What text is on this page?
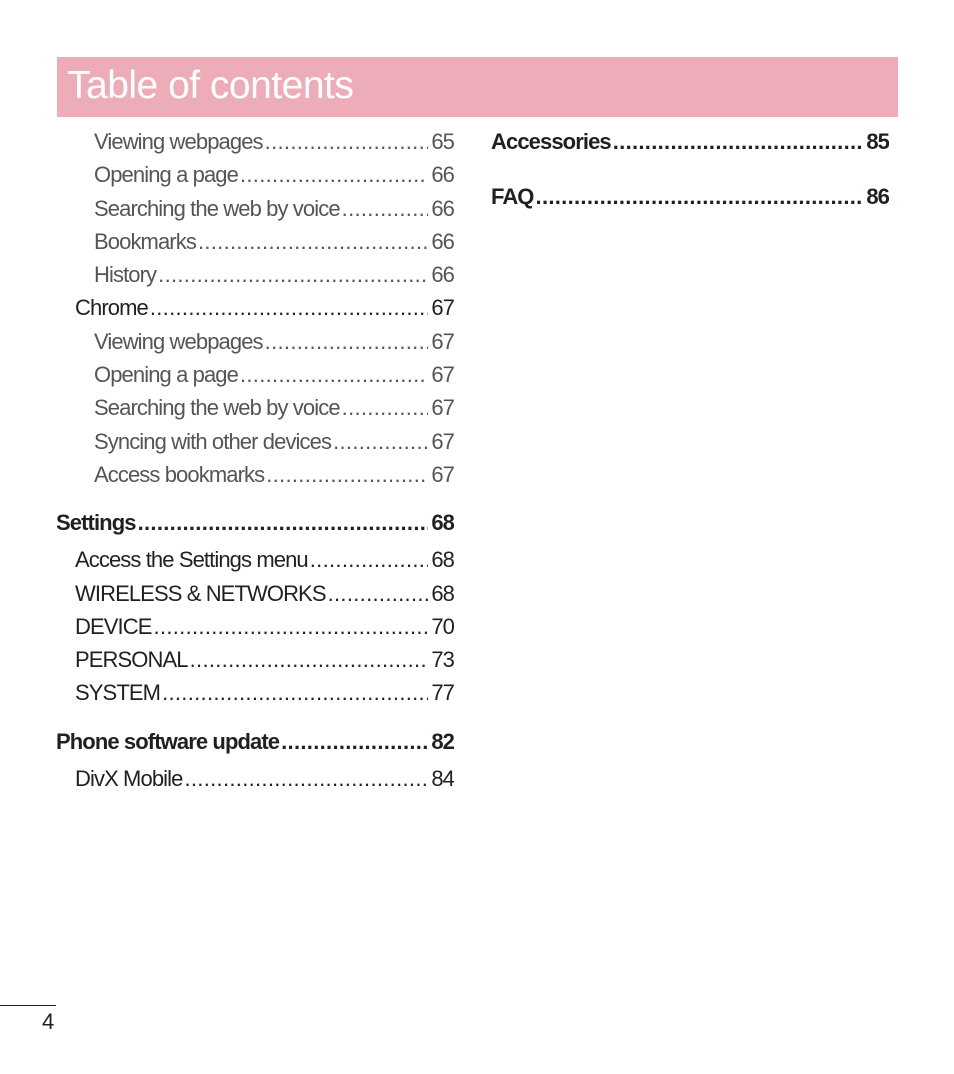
Table of contents
Viewing webpages .....	65
Opening a page .....	66
Searching the web by voice .....	66
Bookmarks .....	66
History .....	66
Chrome .....	67
Viewing webpages .....	67
Opening a page .....	67
Searching the web by voice .....	67
Syncing with other devices .....	67
Access bookmarks .....	67
Settings .....	68
Access the Settings menu .....	68
WIRELESS & NETWORKS .....	68
DEVICE .....	70
PERSONAL .....	73
SYSTEM .....	77
Phone software update .....	82
DivX Mobile .....	84
Accessories .....	85
FAQ .....	86
4
